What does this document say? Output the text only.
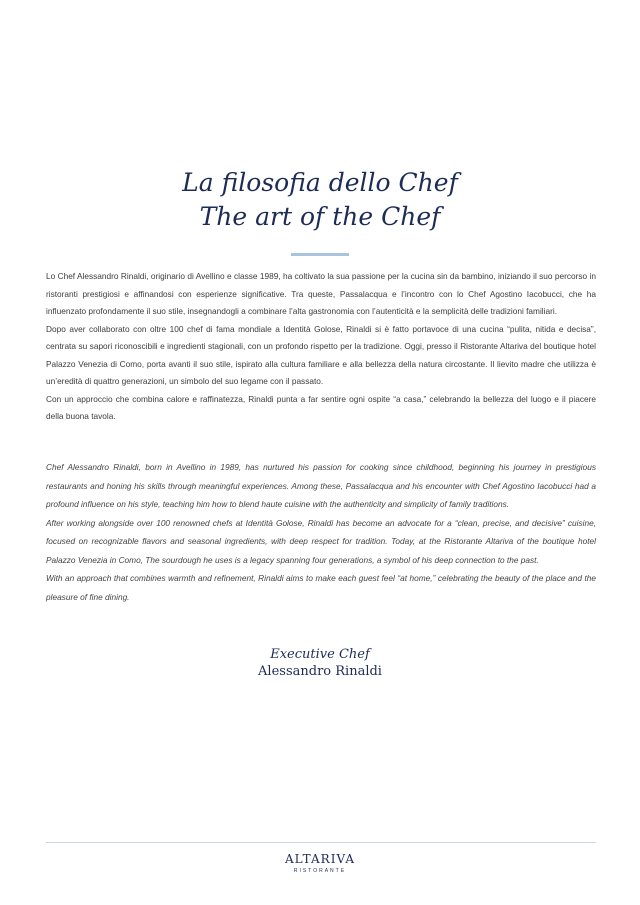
La filosofia dello Chef
The art of the Chef

Lo Chef Alessandro Rinaldi, originario di Avellino e classe 1989, ha coltivato la sua passione per la cucina sin da bambino, iniziando il suo percorso in ristoranti prestigiosi e affinandosi con esperienze significative. Tra queste, Passalacqua e l’incontro con lo Chef Agostino Iacobucci, che ha influenzato profondamente il suo stile, insegnandogli a combinare l’alta gastronomia con l’autenticità e la semplicità delle tradizioni familiari.

Dopo aver collaborato con oltre 100 chef di fama mondiale a Identità Golose, Rinaldi si è fatto portavoce di una cucina “pulita, nitida e decisa”, centrata su sapori riconoscibili e ingredienti stagionali, con un profondo rispetto per la tradizione. Oggi, presso il Ristorante Altariva del boutique hotel Palazzo Venezia di Como, porta avanti il suo stile, ispirato alla cultura familiare e alla bellezza della natura circostante. Il lievito madre che utilizza è un’eredità di quattro generazioni, un simbolo del suo legame con il passato.

Con un approccio che combina calore e raffinatezza, Rinaldi punta a far sentire ogni ospite “a casa,” celebrando la bellezza del luogo e il piacere della buona tavola.

Chef Alessandro Rinaldi, born in Avellino in 1989, has nurtured his passion for cooking since childhood, beginning his journey in prestigious restaurants and honing his skills through meaningful experiences. Among these, Passalacqua and his encounter with Chef Agostino Iacobucci had a profound influence on his style, teaching him how to blend haute cuisine with the authenticity and simplicity of family traditions.

After working alongside over 100 renowned chefs at Identità Golose, Rinaldi has become an advocate for a “clean, precise, and decisive” cuisine, focused on recognizable flavors and seasonal ingredients, with deep respect for tradition. Today, at the Ristorante Altariva of the boutique hotel Palazzo Venezia in Como, The sourdough he uses is a legacy spanning four generations, a symbol of his deep connection to the past.

With an approach that combines warmth and refinement, Rinaldi aims to make each guest feel “at home,” celebrating the beauty of the place and the pleasure of fine dining.

Executive Chef
Alessandro Rinaldi
ALTARIVA
RISTORANTE
